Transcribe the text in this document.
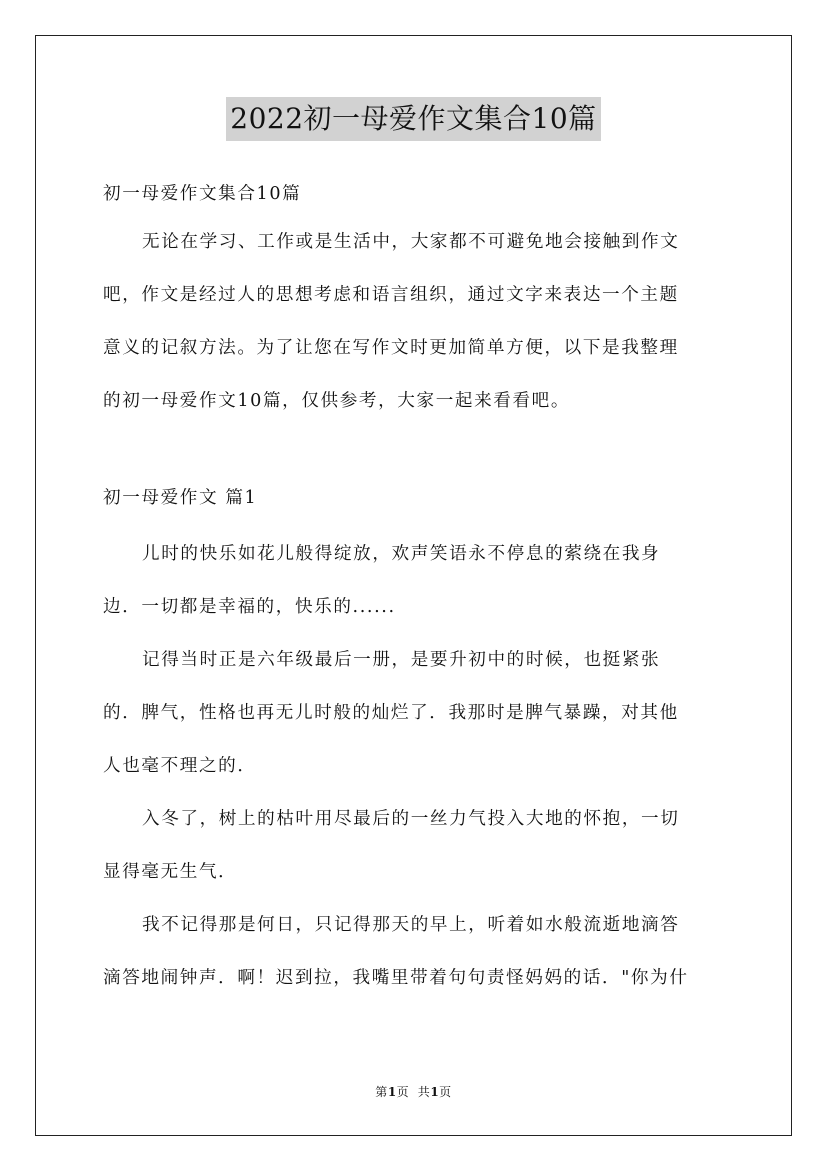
2022初一母爱作文集合10篇
初一母爱作文集合10篇
无论在学习、工作或是生活中，大家都不可避免地会接触到作文
吧，作文是经过人的思想考虑和语言组织，通过文字来表达一个主题
意义的记叙方法。为了让您在写作文时更加简单方便，以下是我整理
的初一母爱作文10篇，仅供参考，大家一起来看看吧。
初一母爱作文 篇1
儿时的快乐如花儿般得绽放，欢声笑语永不停息的萦绕在我身
边．一切都是幸福的，快乐的......
记得当时正是六年级最后一册，是要升初中的时候，也挺紧张
的．脾气，性格也再无儿时般的灿烂了．我那时是脾气暴躁，对其他
人也毫不理之的．
入冬了，树上的枯叶用尽最后的一丝力气投入大地的怀抱，一切
显得毫无生气．
我不记得那是何日，只记得那天的早上，听着如水般流逝地滴答
滴答地闹钟声．啊！迟到拉，我嘴里带着句句责怪妈妈的话．"你为什
第1页  共1页
